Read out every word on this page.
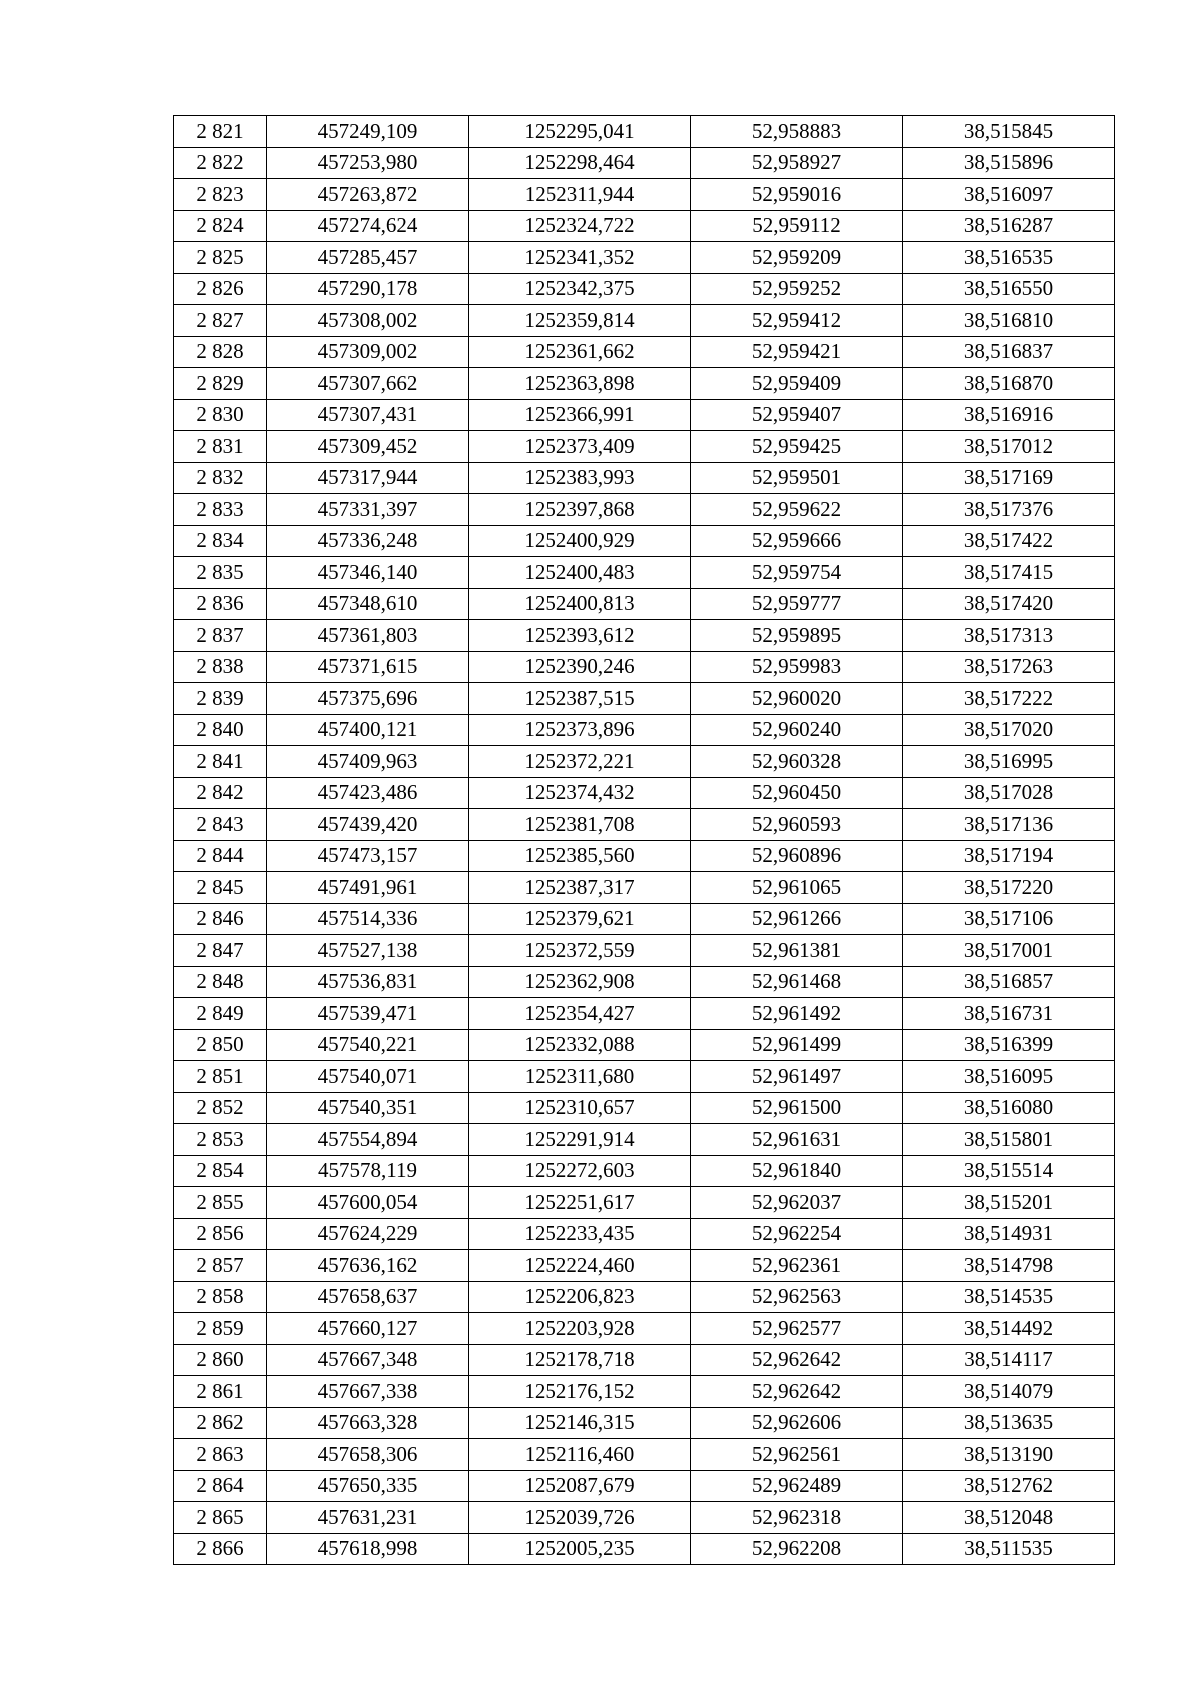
2 821	457249,109	1252295,041	52,958883	38,515845
2 822	457253,980	1252298,464	52,958927	38,515896
2 823	457263,872	1252311,944	52,959016	38,516097
2 824	457274,624	1252324,722	52,959112	38,516287
2 825	457285,457	1252341,352	52,959209	38,516535
2 826	457290,178	1252342,375	52,959252	38,516550
2 827	457308,002	1252359,814	52,959412	38,516810
2 828	457309,002	1252361,662	52,959421	38,516837
2 829	457307,662	1252363,898	52,959409	38,516870
2 830	457307,431	1252366,991	52,959407	38,516916
2 831	457309,452	1252373,409	52,959425	38,517012
2 832	457317,944	1252383,993	52,959501	38,517169
2 833	457331,397	1252397,868	52,959622	38,517376
2 834	457336,248	1252400,929	52,959666	38,517422
2 835	457346,140	1252400,483	52,959754	38,517415
2 836	457348,610	1252400,813	52,959777	38,517420
2 837	457361,803	1252393,612	52,959895	38,517313
2 838	457371,615	1252390,246	52,959983	38,517263
2 839	457375,696	1252387,515	52,960020	38,517222
2 840	457400,121	1252373,896	52,960240	38,517020
2 841	457409,963	1252372,221	52,960328	38,516995
2 842	457423,486	1252374,432	52,960450	38,517028
2 843	457439,420	1252381,708	52,960593	38,517136
2 844	457473,157	1252385,560	52,960896	38,517194
2 845	457491,961	1252387,317	52,961065	38,517220
2 846	457514,336	1252379,621	52,961266	38,517106
2 847	457527,138	1252372,559	52,961381	38,517001
2 848	457536,831	1252362,908	52,961468	38,516857
2 849	457539,471	1252354,427	52,961492	38,516731
2 850	457540,221	1252332,088	52,961499	38,516399
2 851	457540,071	1252311,680	52,961497	38,516095
2 852	457540,351	1252310,657	52,961500	38,516080
2 853	457554,894	1252291,914	52,961631	38,515801
2 854	457578,119	1252272,603	52,961840	38,515514
2 855	457600,054	1252251,617	52,962037	38,515201
2 856	457624,229	1252233,435	52,962254	38,514931
2 857	457636,162	1252224,460	52,962361	38,514798
2 858	457658,637	1252206,823	52,962563	38,514535
2 859	457660,127	1252203,928	52,962577	38,514492
2 860	457667,348	1252178,718	52,962642	38,514117
2 861	457667,338	1252176,152	52,962642	38,514079
2 862	457663,328	1252146,315	52,962606	38,513635
2 863	457658,306	1252116,460	52,962561	38,513190
2 864	457650,335	1252087,679	52,962489	38,512762
2 865	457631,231	1252039,726	52,962318	38,512048
2 866	457618,998	1252005,235	52,962208	38,511535
